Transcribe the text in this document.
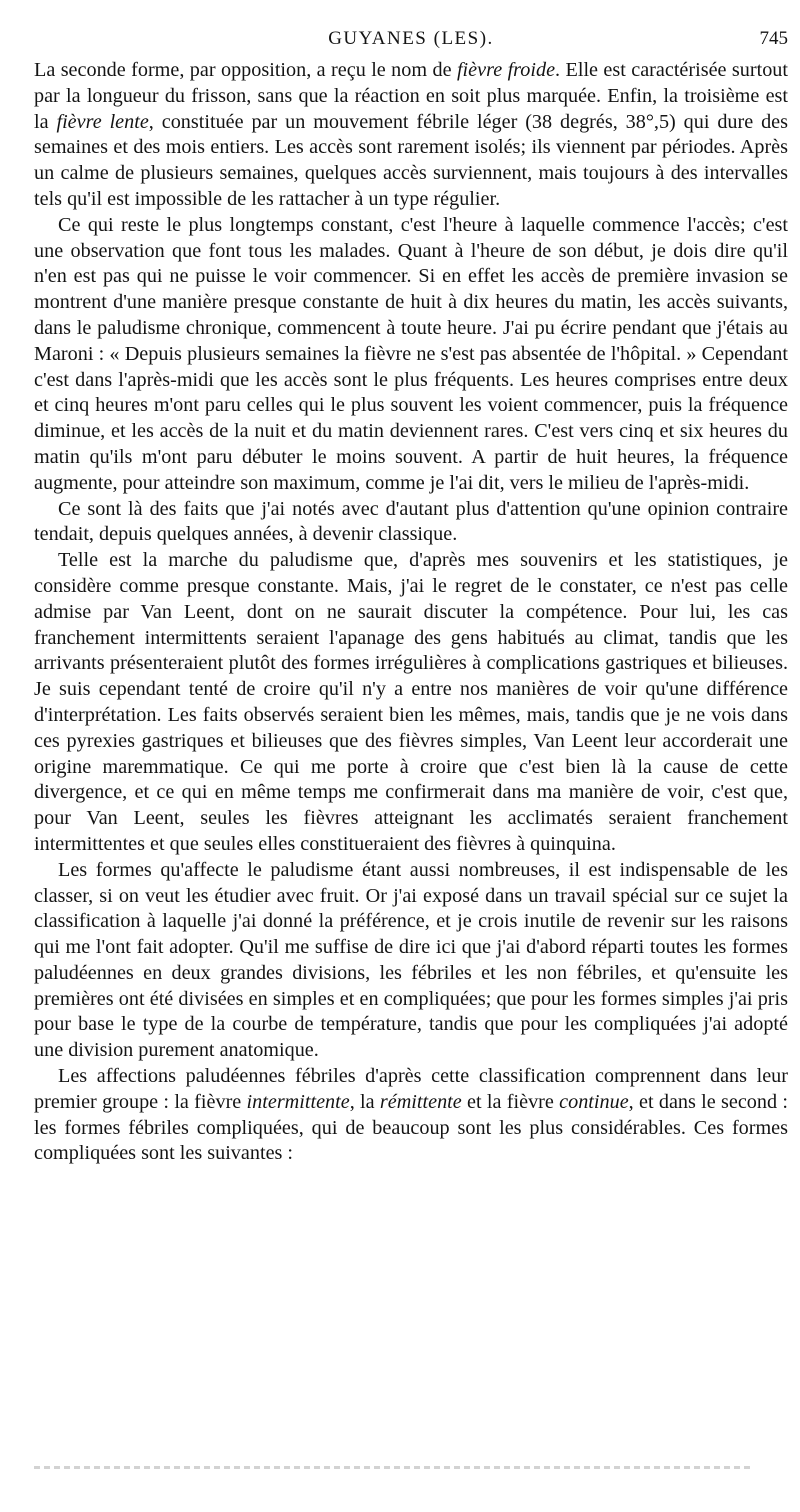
GUYANES (LES).	745

La seconde forme, par opposition, a reçu le nom de fièvre froide. Elle est caractérisée surtout par la longueur du frisson, sans que la réaction en soit plus marquée. Enfin, la troisième est la fièvre lente, constituée par un mouvement fébrile léger (38 degrés, 38°,5) qui dure des semaines et des mois entiers. Les accès sont rarement isolés; ils viennent par périodes. Après un calme de plusieurs semaines, quelques accès surviennent, mais toujours à des intervalles tels qu'il est impossible de les rattacher à un type régulier.

Ce qui reste le plus longtemps constant, c'est l'heure à laquelle commence l'accès; c'est une observation que font tous les malades. Quant à l'heure de son début, je dois dire qu'il n'en est pas qui ne puisse le voir commencer. Si en effet les accès de première invasion se montrent d'une manière presque constante de huit à dix heures du matin, les accès suivants, dans le paludisme chronique, commencent à toute heure. J'ai pu écrire pendant que j'étais au Maroni : « Depuis plusieurs semaines la fièvre ne s'est pas absentée de l'hôpital. » Cependant c'est dans l'après-midi que les accès sont le plus fréquents. Les heures comprises entre deux et cinq heures m'ont paru celles qui le plus souvent les voient commencer, puis la fréquence diminue, et les accès de la nuit et du matin deviennent rares. C'est vers cinq et six heures du matin qu'ils m'ont paru débuter le moins souvent. A partir de huit heures, la fréquence augmente, pour atteindre son maximum, comme je l'ai dit, vers le milieu de l'après-midi.

Ce sont là des faits que j'ai notés avec d'autant plus d'attention qu'une opinion contraire tendait, depuis quelques années, à devenir classique.

Telle est la marche du paludisme que, d'après mes souvenirs et les statistiques, je considère comme presque constante. Mais, j'ai le regret de le constater, ce n'est pas celle admise par Van Leent, dont on ne saurait discuter la compétence. Pour lui, les cas franchement intermittents seraient l'apanage des gens habitués au climat, tandis que les arrivants présenteraient plutôt des formes irrégulières à complications gastriques et bilieuses. Je suis cependant tenté de croire qu'il n'y a entre nos manières de voir qu'une différence d'interprétation. Les faits observés seraient bien les mêmes, mais, tandis que je ne vois dans ces pyrexies gastriques et bilieuses que des fièvres simples, Van Leent leur accorderait une origine maremmatique. Ce qui me porte à croire que c'est bien là la cause de cette divergence, et ce qui en même temps me confirmerait dans ma manière de voir, c'est que, pour Van Leent, seules les fièvres atteignant les acclimatés seraient franchement intermittentes et que seules elles constitueraient des fièvres à quinquina.

Les formes qu'affecte le paludisme étant aussi nombreuses, il est indispensable de les classer, si on veut les étudier avec fruit. Or j'ai exposé dans un travail spécial sur ce sujet la classification à laquelle j'ai donné la préférence, et je crois inutile de revenir sur les raisons qui me l'ont fait adopter. Qu'il me suffise de dire ici que j'ai d'abord réparti toutes les formes paludéennes en deux grandes divisions, les fébriles et les non fébriles, et qu'ensuite les premières ont été divisées en simples et en compliquées; que pour les formes simples j'ai pris pour base le type de la courbe de température, tandis que pour les compliquées j'ai adopté une division purement anatomique.

Les affections paludéennes fébriles d'après cette classification comprennent dans leur premier groupe : la fièvre intermittente, la rémittente et la fièvre continue, et dans le second : les formes fébriles compliquées, qui de beaucoup sont les plus considérables. Ces formes compliquées sont les suivantes :
